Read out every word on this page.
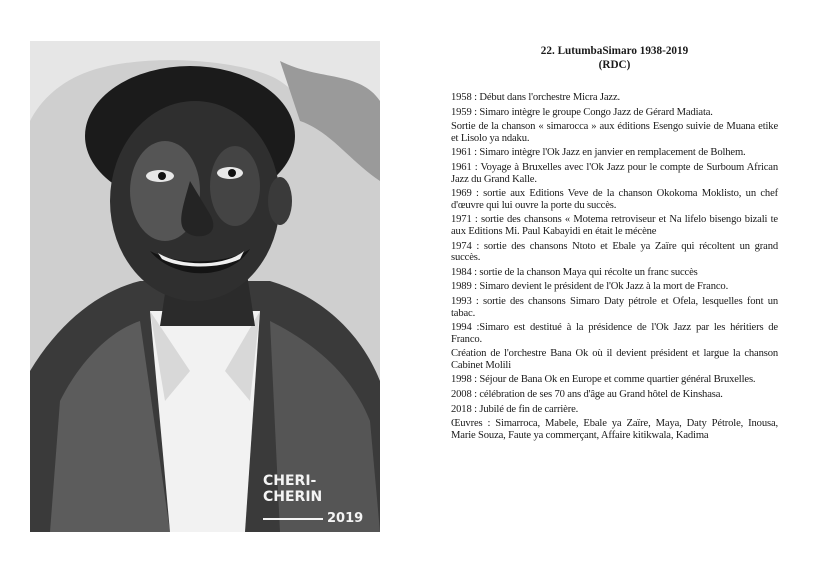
CHERI-CHERIN
2019

22. LutumbaSimaro 1938-2019

(RDC)

1958 : Début dans l'orchestre Micra Jazz.
1959 : Simaro intègre le groupe Congo Jazz de Gérard Madiata.
Sortie de la chanson « simarocca » aux éditions Esengo suivie de Muana etike et Lisolo ya ndaku.
1961 : Simaro intègre l'Ok Jazz en janvier en remplacement de Bolhem.
1961 : Voyage à Bruxelles avec l'Ok Jazz pour le compte de Surboum African Jazz du Grand Kalle.
1969 : sortie aux Editions Veve de la chanson Okokoma Moklisto, un chef d'œuvre qui lui ouvre la porte du succès.
1971 : sortie des chansons « Motema retroviseur et Na lifelo bisengo bizali te aux Editions Mi. Paul Kabayidi en était le mécène
1974 : sortie des chansons Ntoto et Ebale ya Zaïre qui récoltent un grand succès.
1984 : sortie de la chanson Maya qui récolte un franc succès
1989 : Simaro devient le président de l'Ok Jazz à la mort de Franco.
1993 : sortie des chansons Simaro Daty pétrole et Ofela, lesquelles font un tabac.
1994 :Simaro est destitué à la présidence de l'Ok Jazz par les héritiers de Franco.
Création de l'orchestre Bana Ok où il devient président et largue la chanson Cabinet Molili
1998 : Séjour de Bana Ok en Europe et comme quartier général Bruxelles.
2008 : célébration de ses 70 ans d'âge au Grand hôtel de Kinshasa.
2018 : Jubilé de fin de carrière.
Œuvres : Simarroca, Mabele, Ebale ya Zaïre, Maya, Daty Pétrole, Inousa, Marie Souza, Faute ya commerçant, Affaire kitikwala, Kadima
